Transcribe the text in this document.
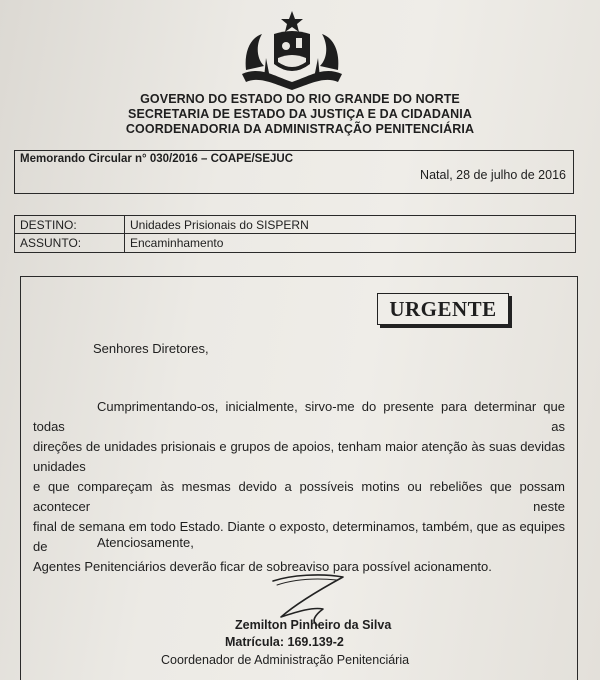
GOVERNO DO ESTADO DO RIO GRANDE DO NORTE
SECRETARIA DE ESTADO DA JUSTIÇA E DA CIDADANIA
COORDENADORIA DA ADMINISTRAÇÃO PENITENCIÁRIA
Memorando Circular n° 030/2016 – COAPE/SEJUC
Natal, 28 de julho de 2016
DESTINO:	Unidades Prisionais do SISPERN
ASSUNTO:	Encaminhamento
URGENTE
Senhores Diretores,

Cumprimentando-os, inicialmente, sirvo-me do presente para determinar que todas as
direções de unidades prisionais e grupos de apoios, tenham maior atenção às suas devidas unidades
e que compareçam às mesmas devido a possíveis motins ou rebeliões que possam acontecer neste
final de semana em todo Estado. Diante o exposto, determinamos, também, que as equipes de
Agentes Penitenciários deverão ficar de sobreaviso para possível acionamento.

Atenciosamente,
Zemilton Pinheiro da Silva
Matrícula: 169.139-2
Coordenador de Administração Penitenciária
